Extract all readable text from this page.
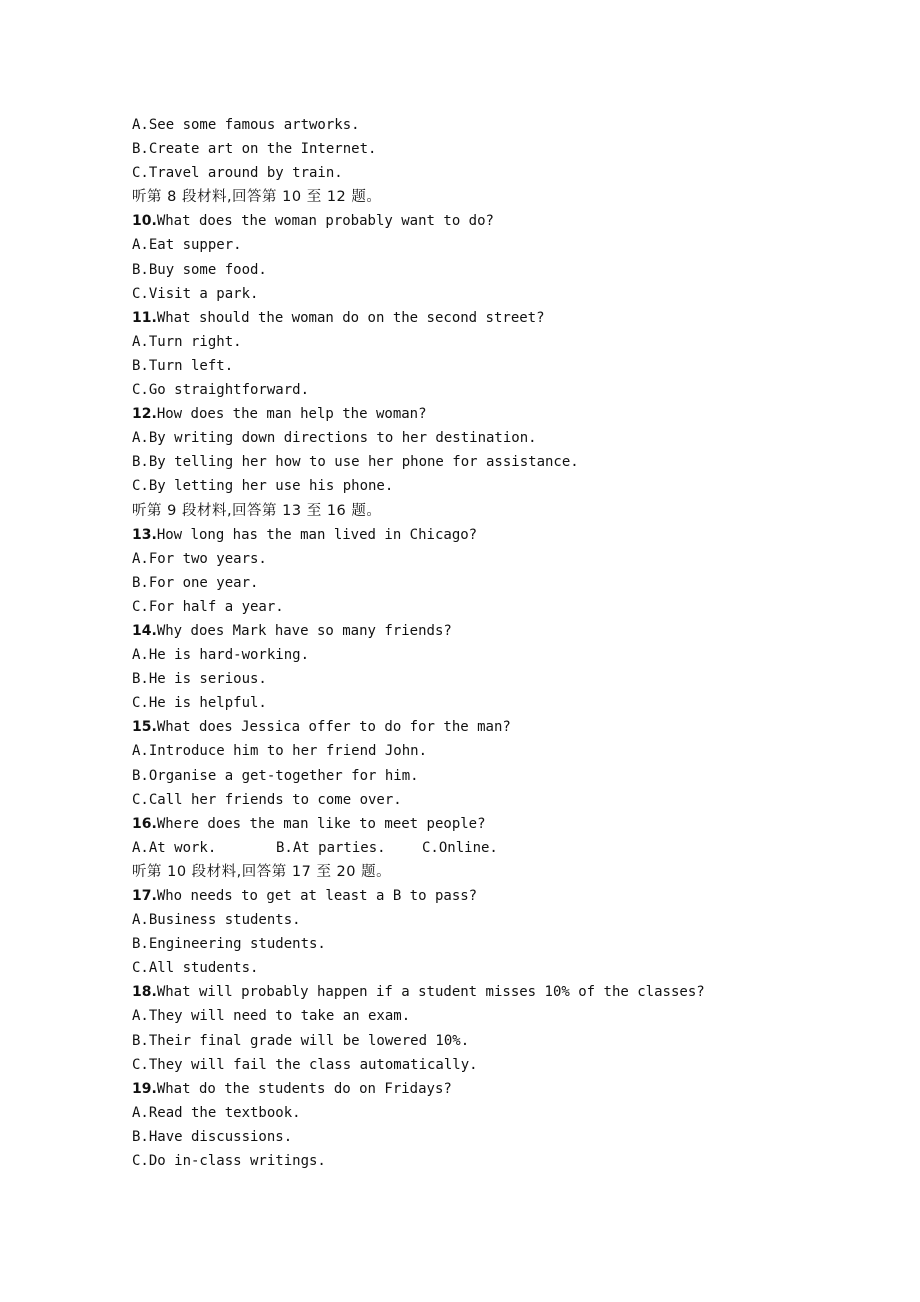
A.See some famous artworks.
B.Create art on the Internet.
C.Travel around by train.
听第 8 段材料,回答第 10 至 12 题。
10.What does the woman probably want to do?
A.Eat supper.
B.Buy some food.
C.Visit a park.
11.What should the woman do on the second street?
A.Turn right.
B.Turn left.
C.Go straightforward.
12.How does the man help the woman?
A.By writing down directions to her destination.
B.By telling her how to use her phone for assistance.
C.By letting her use his phone.
听第 9 段材料,回答第 13 至 16 题。
13.How long has the man lived in Chicago?
A.For two years.
B.For one year.
C.For half a year.
14.Why does Mark have so many friends?
A.He is hard-working.
B.He is serious.
C.He is helpful.
15.What does Jessica offer to do for the man?
A.Introduce him to her friend John.
B.Organise a get-together for him.
C.Call her friends to come over.
16.Where does the man like to meet people?
A.At work.	B.At parties.	C.Online.
听第 10 段材料,回答第 17 至 20 题。
17.Who needs to get at least a B to pass?
A.Business students.
B.Engineering students.
C.All students.
18.What will probably happen if a student misses 10% of the classes?
A.They will need to take an exam.
B.Their final grade will be lowered 10%.
C.They will fail the class automatically.
19.What do the students do on Fridays?
A.Read the textbook.
B.Have discussions.
C.Do in-class writings.
